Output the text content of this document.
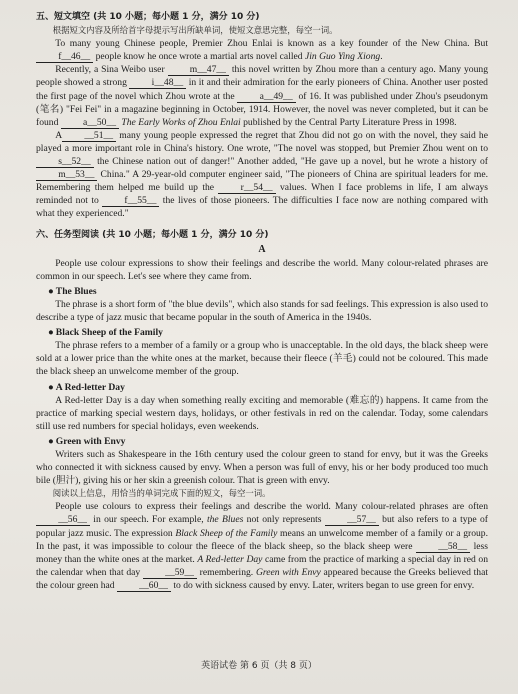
五、短文填空 (共 10 小题；每小题 1 分，满分 10 分)

根据短文内容及所给首字母提示写出所缺单词，使短文意思完整，每空一词。

To many young Chinese people, Premier Zhou Enlai is known as a key founder of the New China. But f__46__ people know he once wrote a martial arts novel called Jin Guo Ying Xiong.

Recently, a Sina Weibo user m__47__ this novel written by Zhou more than a century ago. Many young people showed a strong i__48__ in it and their admiration for the early pioneers of China. Another user posted the first page of the novel which Zhou wrote at the a__49__ of 16. It was published under Zhou's pseudonym (笔名) "Fei Fei" in a magazine beginning in October, 1914. However, the novel was never completed, but it can be found a__50__ The Early Works of Zhou Enlai published by the Central Party Literature Press in 1998.

A __51__ many young people expressed the regret that Zhou did not go on with the novel, they said he played a more important role in China's history. One wrote, "The novel was stopped, but Premier Zhou went on to s__52__ the Chinese nation out of danger!" Another added, "He gave up a novel, but he wrote a history of m__53__ China." A 29-year-old computer engineer said, "The pioneers of China are spiritual leaders for me. Remembering them helped me build up the r__54__ values. When I face problems in life, I am always reminded not to f__55__ the lives of those pioneers. The difficulties I face now are nothing compared with what they experienced."

六、任务型阅读 (共 10 小题；每小题 1 分，满分 10 分)
A

People use colour expressions to show their feelings and describe the world. Many colour-related phrases are common in our speech. Let's see where they came from.

● The Blues

The phrase is a short form of "the blue devils", which also stands for sad feelings. This expression is also used to describe a type of jazz music that became popular in the south of America in the 1940s.

● Black Sheep of the Family

The phrase refers to a member of a family or a group who is unacceptable. In the old days, the black sheep were sold at a lower price than the white ones at the market, because their fleece (羊毛) could not be coloured. This made the black sheep an unwelcome member of the group.

● A Red-letter Day

A Red-letter Day is a day when something really exciting and memorable (难忘的) happens. It came from the practice of marking special western days, holidays, or other festivals in red on the calendar. Today, some calendars still use red numbers for special holidays, even weekends.

● Green with Envy

Writers such as Shakespeare in the 16th century used the colour green to stand for envy, but it was the Greeks who connected it with sickness caused by envy. When a person was full of envy, his or her body produced too much bile (胆汁), giving his or her skin a greenish colour. That is green with envy.

阅读以上信息，用恰当的单词完成下面的短文，每空一词。

People use colours to express their feelings and describe the world. Many colour-related phrases are often __56__ in our speech. For example, the Blues not only represents __57__ but also refers to a type of popular jazz music. The expression Black Sheep of the Family means an unwelcome member of a family or a group. In the past, it was impossible to colour the fleece of the black sheep, so the black sheep were __58__ less money than the white ones at the market. A Red-letter Day came from the practice of marking a special day in red on the calendar when that day __59__ remembering. Green with Envy appeared because the Greeks believed that the colour green had __60__ to do with sickness caused by envy. Later, writers began to use green for envy.

英语试卷 第 6 页（共 8 页）
